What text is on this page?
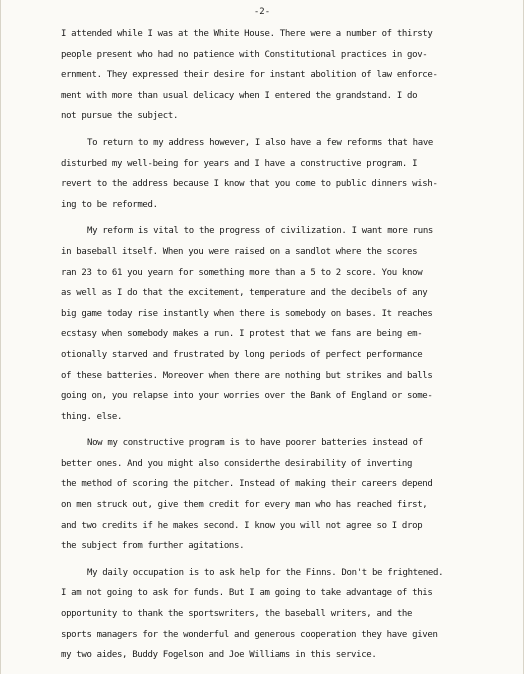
-2-
I attended while I was at the White House. There were a number of thirsty
people present who had no patience with Constitutional practices in gov-
ernment. They expressed their desire for instant abolition of law enforce-
ment with more than usual delicacy when I entered the grandstand. I do
not pursue the subject.
To return to my address however, I also have a few reforms that have
disturbed my well-being for years and I have a constructive program. I
revert to the address because I know that you come to public dinners wish-
ing to be reformed.
My reform is vital to the progress of civilization. I want more runs
in baseball itself. When you were raised on a sandlot where the scores
ran 23 to 61 you yearn for something more than a 5 to 2 score. You know
as well as I do that the excitement, temperature and the decibels of any
big game today rise instantly when there is somebody on bases. It reaches
ecstasy when somebody makes a run. I protest that we fans are being em-
otionally starved and frustrated by long periods of perfect performance
of these batteries. Moreover when there are nothing but strikes and balls
going on, you relapse into your worries over the Bank of England or some-
thing. else.
Now my constructive program is to have poorer batteries instead of
better ones. And you might also considerthe desirability of inverting
the method of scoring the pitcher. Instead of making their careers depend
on men struck out, give them credit for every man who has reached first,
and two credits if he makes second. I know you will not agree so I drop
the subject from further agitations.
My daily occupation is to ask help for the Finns. Don't be frightened.
I am not going to ask for funds. But I am going to take advantage of this
opportunity to thank the sportswriters, the baseball writers, and the
sports managers for the wonderful and generous cooperation they have given
my two aides, Buddy Fogelson and Joe Williams in this service.
